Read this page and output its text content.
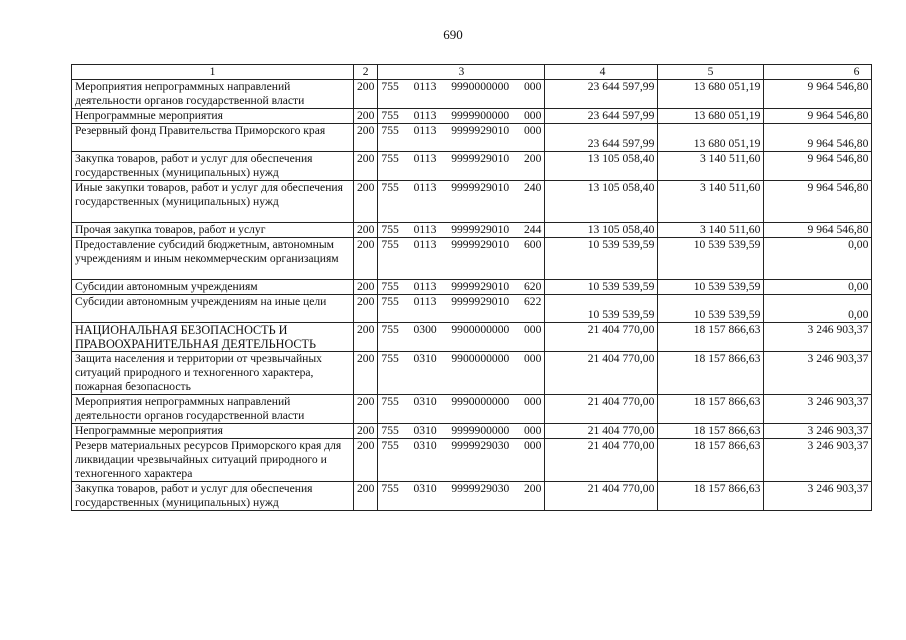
690
1	2	3	4	5	6
Мероприятия непрограммных направлений деятельности органов государственной власти	200	755 0113 9990000000 000	23 644 597,99	13 680 051,19	9 964 546,80
Непрограммные мероприятия	200	755 0113 9999900000 000	23 644 597,99	13 680 051,19	9 964 546,80
Резервный фонд Правительства Приморского края	200	755 0113 9999929010 000	23 644 597,99	13 680 051,19	9 964 546,80
Закупка товаров, работ и услуг для обеспечения государственных (муниципальных) нужд	200	755 0113 9999929010 200	13 105 058,40	3 140 511,60	9 964 546,80
Иные закупки товаров, работ и услуг для обеспечения государственных (муниципальных) нужд	200	755 0113 9999929010 240	13 105 058,40	3 140 511,60	9 964 546,80
Прочая закупка товаров, работ и услуг	200	755 0113 9999929010 244	13 105 058,40	3 140 511,60	9 964 546,80
Предоставление субсидий бюджетным, автономным учреждениям и иным некоммерческим организациям	200	755 0113 9999929010 600	10 539 539,59	10 539 539,59	0,00
Субсидии автономным учреждениям	200	755 0113 9999929010 620	10 539 539,59	10 539 539,59	0,00
Субсидии автономным учреждениям на иные цели	200	755 0113 9999929010 622	10 539 539,59	10 539 539,59	0,00
НАЦИОНАЛЬНАЯ БЕЗОПАСНОСТЬ И ПРАВООХРАНИТЕЛЬНАЯ ДЕЯТЕЛЬНОСТЬ	200	755 0300 9900000000 000	21 404 770,00	18 157 866,63	3 246 903,37
Защита населения и территории от чрезвычайных ситуаций природного и техногенного характера, пожарная безопасность	200	755 0310 9900000000 000	21 404 770,00	18 157 866,63	3 246 903,37
Мероприятия непрограммных направлений деятельности органов государственной власти	200	755 0310 9990000000 000	21 404 770,00	18 157 866,63	3 246 903,37
Непрограммные мероприятия	200	755 0310 9999900000 000	21 404 770,00	18 157 866,63	3 246 903,37
Резерв материальных ресурсов Приморского края для ликвидации чрезвычайных ситуаций природного и техногенного характера	200	755 0310 9999929030 000	21 404 770,00	18 157 866,63	3 246 903,37
Закупка товаров, работ и услуг для обеспечения государственных (муниципальных) нужд	200	755 0310 9999929030 200	21 404 770,00	18 157 866,63	3 246 903,37
